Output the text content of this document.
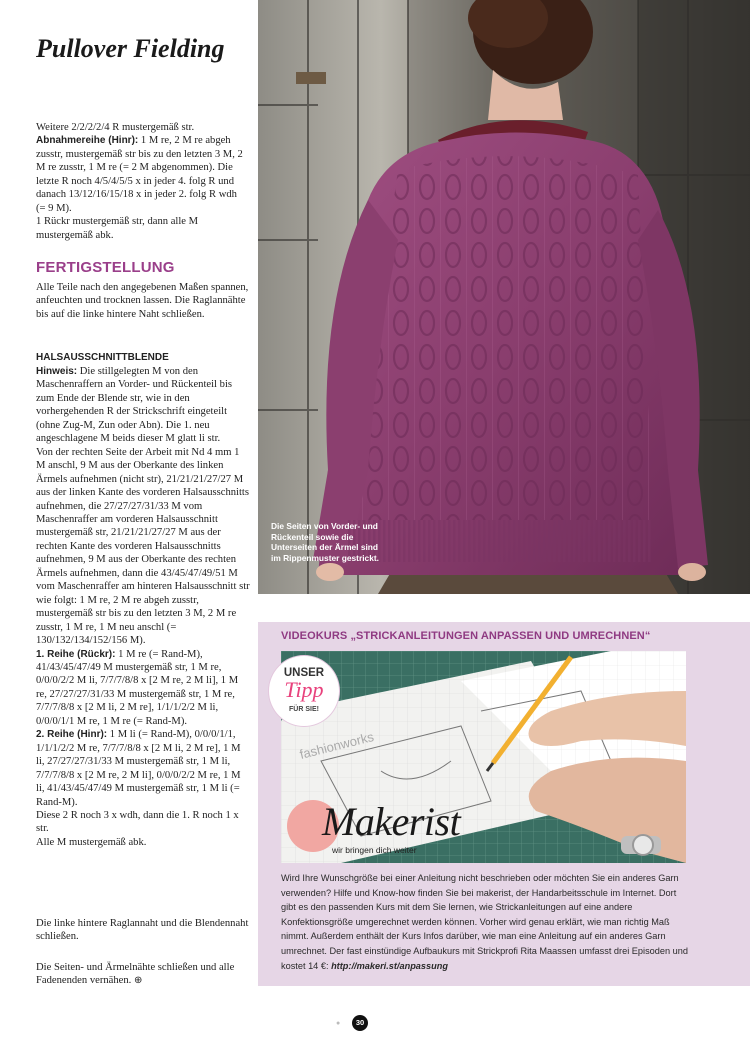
Pullover Fielding
Weitere 2/2/2/2/4 R mustergemäß str.
Abnahmereihe (Hinr): 1 M re, 2 M re abgeh zusstr, mustergemäß str bis zu den letzten 3 M, 2 M re zusstr, 1 M re (= 2 M abgenommen). Die letzte R noch 4/5/4/5/5 x in jeder 4. folg R und danach 13/12/16/15/18 x in jeder 2. folg R wdh (= 9 M).
1 Rückr mustergemäß str, dann alle M mustergemäß abk.
FERTIGSTELLUNG

Alle Teile nach den angegebenen Maßen spannen, anfeuchten und trocknen lassen. Die Raglannähte bis auf die linke hintere Naht schließen.

HALSAUSSCHNITTBLENDE
Hinweis: Die stillgelegten M von den Maschenraffern an Vorder- und Rückenteil bis zum Ende der Blende str, wie in den vorhergehenden R der Strickschrift eingeteilt (ohne Zug-M, Zun oder Abn). Die 1. neu angeschlagene M beids dieser M glatt li str.
Von der rechten Seite der Arbeit mit Nd 4 mm 1 M anschl, 9 M aus der Oberkante des linken Ärmels aufnehmen (nicht str), 21/21/21/27/27 M aus der linken Kante des vorderen Halsausschnitts aufnehmen, die 27/27/27/31/33 M vom Maschenraffer am vorderen Halsausschnitt mustergemäß str, 21/21/21/27/27 M aus der rechten Kante des vorderen Halsausschnitts aufnehmen, 9 M aus der Oberkante des rechten Ärmels aufnehmen, dann die 43/45/47/49/51 M vom Maschenraffer am hinteren Halsausschnitt str wie folgt: 1 M re, 2 M re abgeh zusstr, mustergemäß str bis zu den letzten 3 M, 2 M re zusstr, 1 M re, 1 M neu anschl (= 130/132/134/152/156 M).
1. Reihe (Rückr): 1 M re (= Rand-M), 41/43/45/47/49 M mustergemäß str, 1 M re, 0/0/0/2/2 M li, 7/7/7/8/8 x [2 M re, 2 M li], 1 M re, 27/27/27/31/33 M mustergemäß str, 1 M re, 7/7/7/8/8 x [2 M li, 2 M re], 1/1/1/2/2 M li, 0/0/0/1/1 M re, 1 M re (= Rand-M).
2. Reihe (Hinr): 1 M li (= Rand-M), 0/0/0/1/1, 1/1/1/2/2 M re, 7/7/7/8/8 x [2 M li, 2 M re], 1 M li, 27/27/27/31/33 M mustergemäß str, 1 M li, 7/7/7/8/8 x [2 M re, 2 M li], 0/0/0/2/2 M re, 1 M li, 41/43/45/47/49 M mustergemäß str, 1 M li (= Rand-M).
Diese 2 R noch 3 x wdh, dann die 1. R noch 1 x str.
Alle M mustergemäß abk.

Die linke hintere Raglannaht und die Blendennaht schließen.

Die Seiten- und Ärmelnähte schließen und alle Fadenenden vernähen. ⊕

Die Seiten von Vorder- und Rückenteil sowie die Unterseiten der Ärmel sind im Rippenmuster gestrickt.
VIDEOKURS „STRICKANLEITUNGEN ANPASSEN UND UMRECHNEN“
fashionworks
UNSER
Tipp
FÜR SIE!
Makerist
wir bringen dich weiter

Wird Ihre Wunschgröße bei einer Anleitung nicht beschrieben oder möchten Sie ein anderes Garn verwenden? Hilfe und Know-how finden Sie bei makerist, der Handarbeitsschule im Internet. Dort gibt es den passenden Kurs mit dem Sie lernen, wie Strickanleitungen auf eine andere Konfektionsgröße umgerechnet werden können. Vorher wird genau erklärt, wie man richtig Maß nimmt. Außerdem enthält der Kurs Infos darüber, wie man eine Anleitung auf ein anderes Garn umrechnet. Der fast einstündige Aufbaukurs mit Strickprofi Rita Maassen umfasst drei Episoden und kostet 14 €: http://makeri.st/anpassung

●	30
